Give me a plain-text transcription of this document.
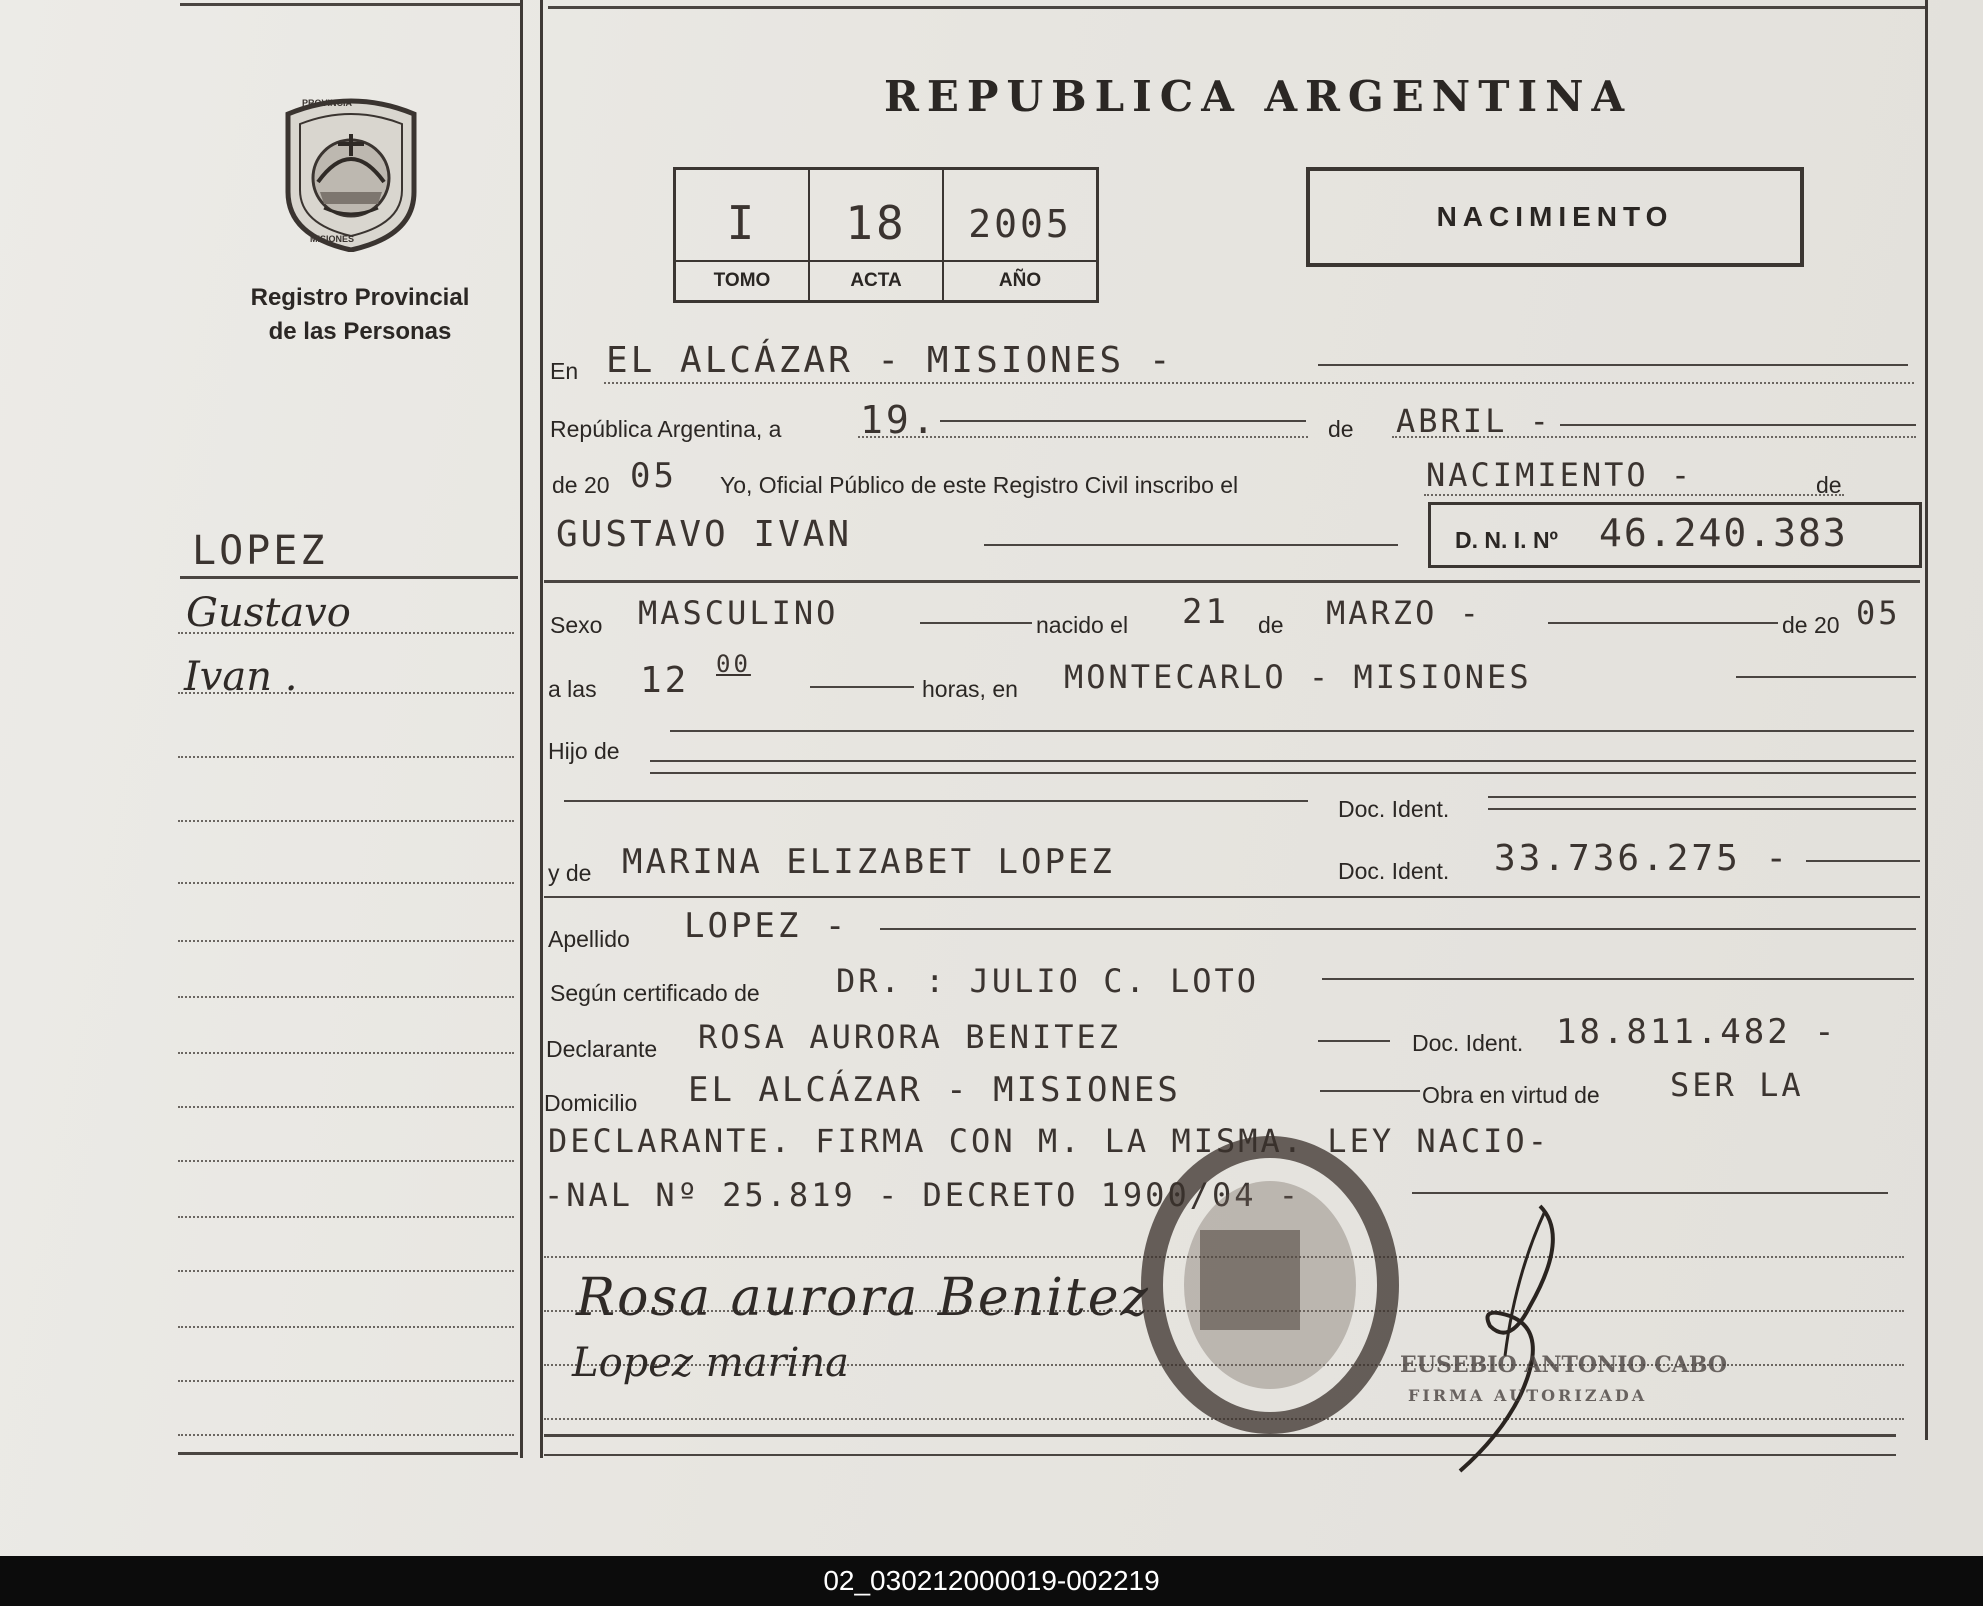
PROVINCIA
MISIONES
Registro Provincial
de las Personas
REPUBLICA ARGENTINA
I	18	2005
TOMO	ACTA	AÑO
NACIMIENTO
LOPEZ
Gustavo
Ivan .
En EL ALCÁZAR - MISIONES -
República Argentina, a 19.	de ABRIL -
de 20 05 Yo, Oficial Público de este Registro Civil inscribo el	NACIMIENTO -	de
GUSTAVO IVAN	D. N. I. Nº 46.240.383
Sexo MASCULINO	nacido el 21 de MARZO -	de 20 05
a las 12 00
horas, en MONTECARLO - MISIONES
Hijo de
Doc. Ident.
y de MARINA ELIZABET LOPEZ	Doc. Ident. 33.736.275 -
Apellido LOPEZ -
Según certificado de DR. : JULIO C. LOTO
Declarante ROSA AURORA BENITEZ	Doc. Ident. 18.811.482 -
Domicilio EL ALCÁZAR - MISIONES	Obra en virtud de SER LA
DECLARANTE. FIRMA CON M. LA MISMA. LEY NACIO-
-NAL Nº 25.819 - DECRETO 1900/04 -
Rosa aurora Benitez
Lopez marina	EUSEBIO ANTONIO CABO
FIRMA AUTORIZADA
02_030212000019-002219
